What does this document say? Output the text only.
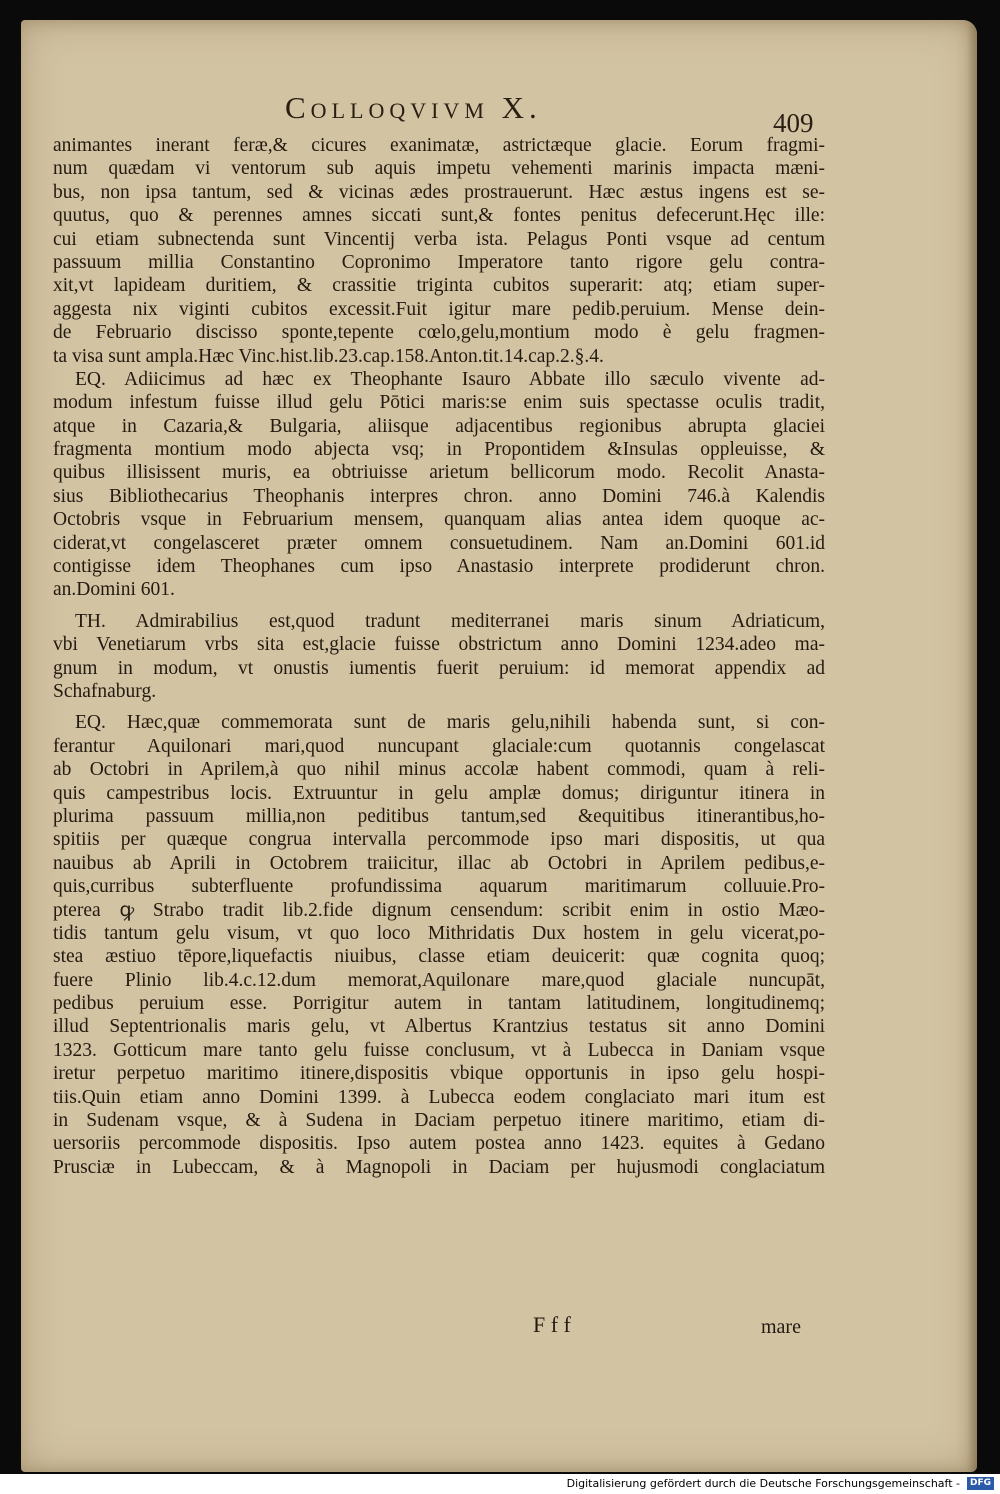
Colloqvivm X.	409
animantes inerant feræ,& cicures exanimatæ, astrictæque glacie. Eorum fragmi-
num quædam vi ventorum sub aquis impetu vehementi marinis impacta mæni-
bus, non ipsa tantum, sed & vicinas ædes prostrauerunt. Hæc æstus ingens est se-
quutus, quo & perennes amnes siccati sunt,& fontes penitus defecerunt.Hęc ille:
cui etiam subnectenda sunt Vincentij verba ista. Pelagus Ponti vsque ad centum
passuum millia Constantino Copronimo Imperatore tanto rigore gelu contra-
xit,vt lapideam duritiem, & crassitie triginta cubitos superarit: atq; etiam super-
aggesta nix viginti cubitos excessit.Fuit igitur mare pedib.peruium. Mense dein-
de Februario discisso sponte,tepente cœlo,gelu,montium modo è gelu fragmen-
ta visa sunt ampla.Hæc Vinc.hist.lib.23.cap.158.Anton.tit.14.cap.2.§.4.
EQ. Adiicimus ad hæc ex Theophante Isauro Abbate illo sæculo vivente ad-
modum infestum fuisse illud gelu Pōtici maris:se enim suis spectasse oculis tradit,
atque in Cazaria,& Bulgaria, aliisque adjacentibus regionibus abrupta glaciei
fragmenta montium modo abjecta vsq; in Propontidem &Insulas oppleuisse, &
quibus illisissent muris, ea obtriuisse arietum bellicorum modo. Recolit Anasta-
sius Bibliothecarius Theophanis interpres chron. anno Domini 746.à Kalendis
Octobris vsque in Februarium mensem, quanquam alias antea idem quoque ac-
ciderat,vt congelasceret præter omnem consuetudinem. Nam an.Domini 601.id
contigisse idem Theophanes cum ipso Anastasio interprete prodiderunt chron.
an.Domini 601.
TH. Admirabilius est,quod tradunt mediterranei maris sinum Adriaticum,
vbi Venetiarum vrbs sita est,glacie fuisse obstrictum anno Domini 1234.adeo ma-
gnum in modum, vt onustis iumentis fuerit peruium: id memorat appendix ad
Schafnaburg.
EQ. Hæc,quæ commemorata sunt de maris gelu,nihili habenda sunt, si con-
ferantur Aquilonari mari,quod nuncupant glaciale:cum quotannis congelascat
ab Octobri in Aprilem,à quo nihil minus accolæ habent commodi, quam à reli-
quis campestribus locis. Extruuntur in gelu amplæ domus; diriguntur itinera in
plurima passuum millia,non peditibus tantum,sed &equitibus itinerantibus,ho-
spitiis per quæque congrua intervalla percommode ipso mari dispositis, ut qua
nauibus ab Aprili in Octobrem traiicitur, illac ab Octobri in Aprilem pedibus,e-
quis,curribus subterfluente profundissima aquarum maritimarum colluuie.Pro-
pterea ꝙ Strabo tradit lib.2.fide dignum censendum: scribit enim in ostio Mæo-
tidis tantum gelu visum, vt quo loco Mithridatis Dux hostem in gelu vicerat,po-
stea æstiuo tēpore,liquefactis niuibus, classe etiam deuicerit: quæ cognita quoq;
fuere Plinio lib.4.c.12.dum memorat,Aquilonare mare,quod glaciale nuncupāt,
pedibus peruium esse. Porrigitur autem in tantam latitudinem, longitudinemq;
illud Septentrionalis maris gelu, vt Albertus Krantzius testatus sit anno Domini
1323. Gotticum mare tanto gelu fuisse conclusum, vt à Lubecca in Daniam vsque
iretur perpetuo maritimo itinere,dispositis vbique opportunis in ipso gelu hospi-
tiis.Quin etiam anno Domini 1399. à Lubecca eodem conglaciato mari itum est
in Sudenam vsque, & à Sudena in Daciam perpetuo itinere maritimo, etiam di-
uersoriis percommode dispositis. Ipso autem postea anno 1423. equites à Gedano
Prusciæ in Lubeccam, & à Magnopoli in Daciam per hujusmodi conglaciatum
F f f	mare
Digitalisierung gefördert durch die Deutsche Forschungsgemeinschaft -	DFG
